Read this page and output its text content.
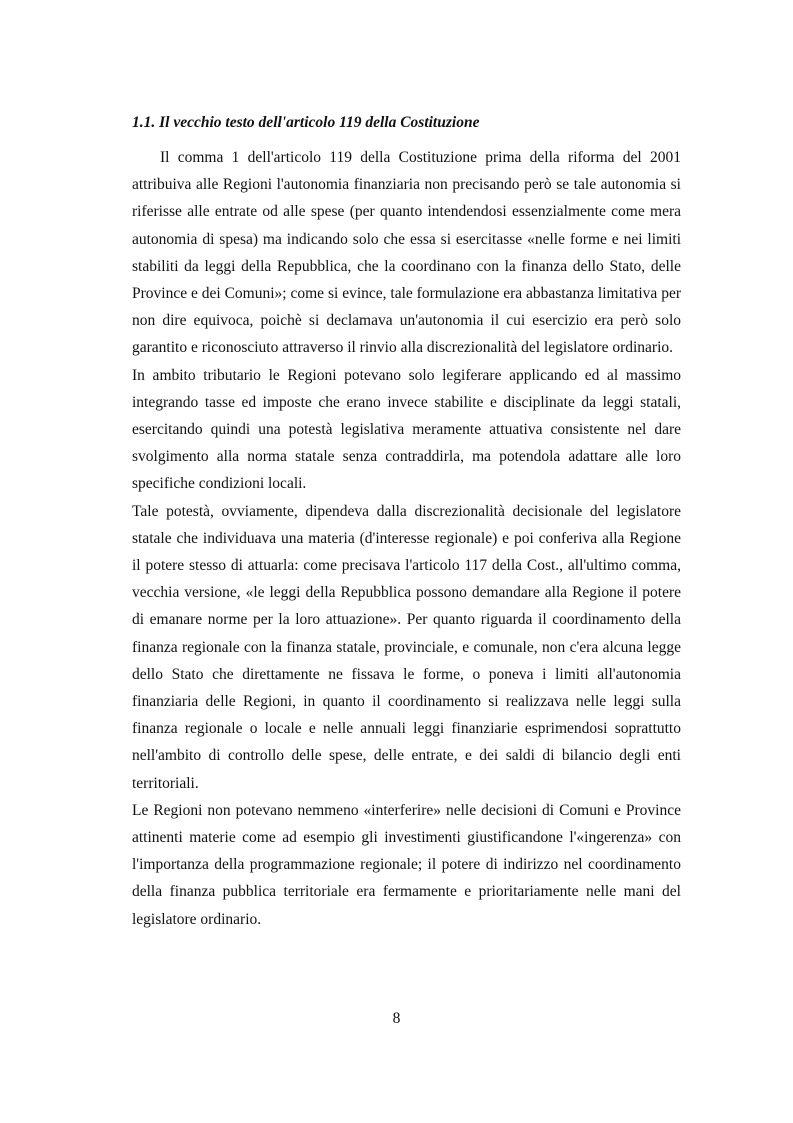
1.1. Il vecchio testo dell'articolo 119 della Costituzione

Il comma 1 dell'articolo 119 della Costituzione prima della riforma del 2001 attribuiva alle Regioni l'autonomia finanziaria non precisando però se tale autonomia si riferisse alle entrate od alle spese (per quanto intendendosi essenzialmente come mera autonomia di spesa) ma indicando solo che essa si esercitasse «nelle forme e nei limiti stabiliti da leggi della Repubblica, che la coordinano con la finanza dello Stato, delle Province e dei Comuni»; come si evince, tale formulazione era abbastanza limitativa per non dire equivoca, poichè si declamava un'autonomia il cui esercizio era però solo garantito e riconosciuto attraverso il rinvio alla discrezionalità del legislatore ordinario.

In ambito tributario le Regioni potevano solo legiferare applicando ed al massimo integrando tasse ed imposte che erano invece stabilite e disciplinate da leggi statali, esercitando quindi una potestà legislativa meramente attuativa consistente nel dare svolgimento alla norma statale senza contraddirla, ma potendola adattare alle loro specifiche condizioni locali.

Tale potestà, ovviamente, dipendeva dalla discrezionalità decisionale del legislatore statale che individuava una materia (d'interesse regionale) e poi conferiva alla Regione il potere stesso di attuarla: come precisava l'articolo 117 della Cost., all'ultimo comma, vecchia versione, «le leggi della Repubblica possono demandare alla Regione il potere di emanare norme per la loro attuazione». Per quanto riguarda il coordinamento della finanza regionale con la finanza statale, provinciale, e comunale, non c'era alcuna legge dello Stato che direttamente ne fissava le forme, o poneva i limiti all'autonomia finanziaria delle Regioni, in quanto il coordinamento si realizzava nelle leggi sulla finanza regionale o locale e nelle annuali leggi finanziarie esprimendosi soprattutto nell'ambito di controllo delle spese, delle entrate, e dei saldi di bilancio degli enti territoriali.

Le Regioni non potevano nemmeno «interferire» nelle decisioni di Comuni e Province attinenti materie come ad esempio gli investimenti giustificandone l'«ingerenza» con l'importanza della programmazione regionale; il potere di indirizzo nel coordinamento della finanza pubblica territoriale era fermamente e prioritariamente nelle mani del legislatore ordinario.

8
